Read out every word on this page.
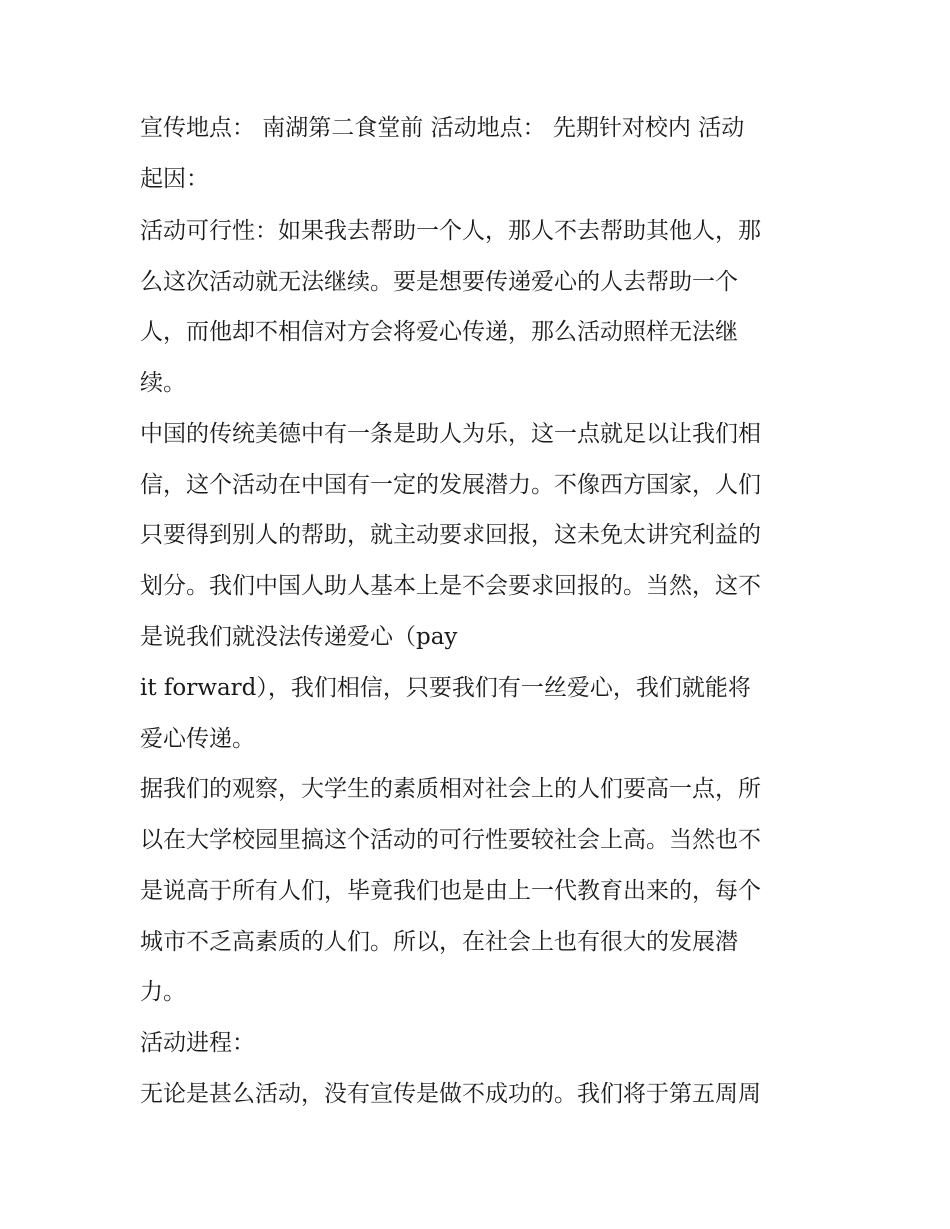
宣传地点： 南湖第二食堂前 活动地点： 先期针对校内 活动
起因：
活动可行性：如果我去帮助一个人，那人不去帮助其他人，那
么这次活动就无法继续。要是想要传递爱心的人去帮助一个
人，而他却不相信对方会将爱心传递，那么活动照样无法继
续。
中国的传统美德中有一条是助人为乐，这一点就足以让我们相
信，这个活动在中国有一定的发展潜力。不像西方国家，人们
只要得到别人的帮助，就主动要求回报，这未免太讲究利益的
划分。我们中国人助人基本上是不会要求回报的。当然，这不
是说我们就没法传递爱心（pay
it forward），我们相信，只要我们有一丝爱心，我们就能将
爱心传递。
据我们的观察，大学生的素质相对社会上的人们要高一点，所
以在大学校园里搞这个活动的可行性要较社会上高。当然也不
是说高于所有人们，毕竟我们也是由上一代教育出来的，每个
城市不乏高素质的人们。所以，在社会上也有很大的发展潜
力。
活动进程：
无论是甚么活动，没有宣传是做不成功的。我们将于第五周周
